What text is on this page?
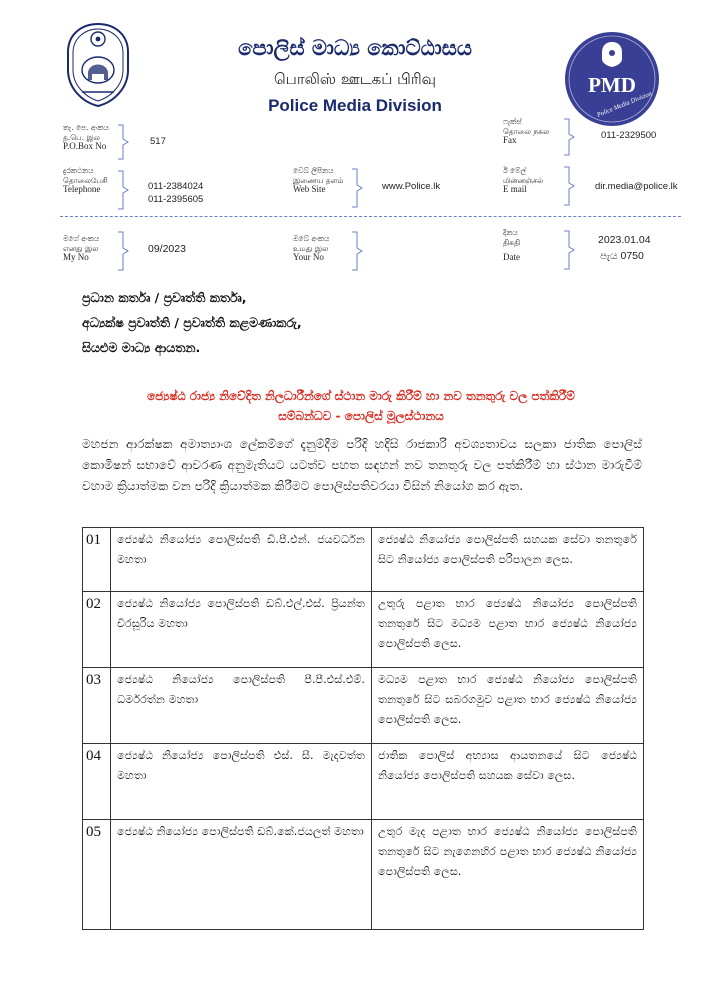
පොලිස් මාධ්‍ය කොට්ඨාසය
பொலிஸ் ஊடகப் பிரிவு
Police Media Division
PMD
Police Media Division
තැ. පෙ. අංකය
த.பெ. இல
P.O.Box No	517
ෆැක්ස්
தொலை நகல
Fax	011-2329500
දුරකථනය
தொலைபேசி
Telephone	011-2384024
011-2395605
වෙබ් ලිපිනය
இணைய தளம்
Web Site	www.Police.lk
ඊ මේල්
மின்னஞ்சல்
E mail	dir.media@police.lk
මගේ අංකය
எனது இல
My No
09/2023
ඔබේ අංකය
உமது இல
Your No
දිනය
திகதி
Date
2023.01.04
පැය 0750
ප්‍රධාන කර්තෘ / ප්‍රවෘත්ති කර්තෘ,
අධ්‍යක්ෂ ප්‍රවෘත්ති / ප්‍රවෘත්ති කළමණාකරු,
සියළුම මාධ්‍ය ආයතන.
ජ්‍යෙෂ්ඨ රාජ්‍ය නිවේදිත නිලධාරීන්ගේ ස්ථාන මාරු කිරීම් හා නව තනතුරු වල පත්කිරීම්
සම්බන්ධව - පොලිස් මූලස්ථානය
මහජන ආරක්ෂක අමාත්‍යාංශ ලේකම්ගේ දැනුම්දීම පරිදි හදිසි රාජකාරි අවශ්‍යතාවය සලකා ජාතික පොලිස් කොමිෂන් සභාවේ ආවරණ අනුමැතියට යටත්ව පහත සඳහන් නව තනතුරු වල පත්කිරීම් හා ස්ථාන මාරුවීම් වහාම ක්‍රියාත්මක වන පරිදි ක්‍රියාත්මක කිරීමට පොලිස්පතිවරයා විසින් නියෝග කර ඇත.
01	ජ්‍යෙෂ්ඨ නියෝජ්‍ය පොලිස්පති ඩී.පී.එන්. ජයවර්ධන මහතා	ජ්‍යෙෂ්ඨ නියෝජ්‍ය පොලිස්පති සහයක සේවා තනතුරේ සිට නියෝජ්‍ය පොලිස්පති පරිපාලන ලෙස.
02	ජ්‍යෙෂ්ඨ නියෝජ්‍ය පොලිස්පති ඩබ්.එල්.එස්. ප්‍රියන්ත වීරසූරිය මහතා	උතුරු පළාත භාර ජ්‍යෙෂ්ඨ නියෝජ්‍ය පොලිස්පති තනතුරේ සිට මධ්‍යම පළාත භාර ජ්‍යෙෂ්ඨ නියෝජ්‍ය පොලිස්පති ලෙස.
03	ජ්‍යෙෂ්ඨ නියෝජ්‍ය පොලිස්පති පී.පී.එස්.එම්. ධර්මරත්න මහතා	මධ්‍යම පළාත භාර ජ්‍යෙෂ්ඨ නියෝජ්‍ය පොලිස්පති තනතුරේ සිට සබරගමුව පළාත භාර ජ්‍යෙෂ්ඨ නියෝජ්‍ය පොලිස්පති ලෙස.
04	ජ්‍යෙෂ්ඨ නියෝජ්‍ය පොලිස්පති එස්. සී. මැදවත්ත මහතා	ජාතික පොලිස් අභ්‍යාස ආයතනයේ සිට ජ්‍යෙෂ්ඨ නියෝජ්‍ය පොලිස්පති සහයක සේවා ලෙස.
05	ජ්‍යෙෂ්ඨ නියෝජ්‍ය පොලිස්පති ඩබ්.කේ.ජයලත් මහතා	උතුර මැද පළාත භාර ජ්‍යෙෂ්ඨ නියෝජ්‍ය පොලිස්පති තනතුරේ සිට නැගෙනහිර පළාත භාර ජ්‍යෙෂ්ඨ නියෝජ්‍ය පොලිස්පති ලෙස.
